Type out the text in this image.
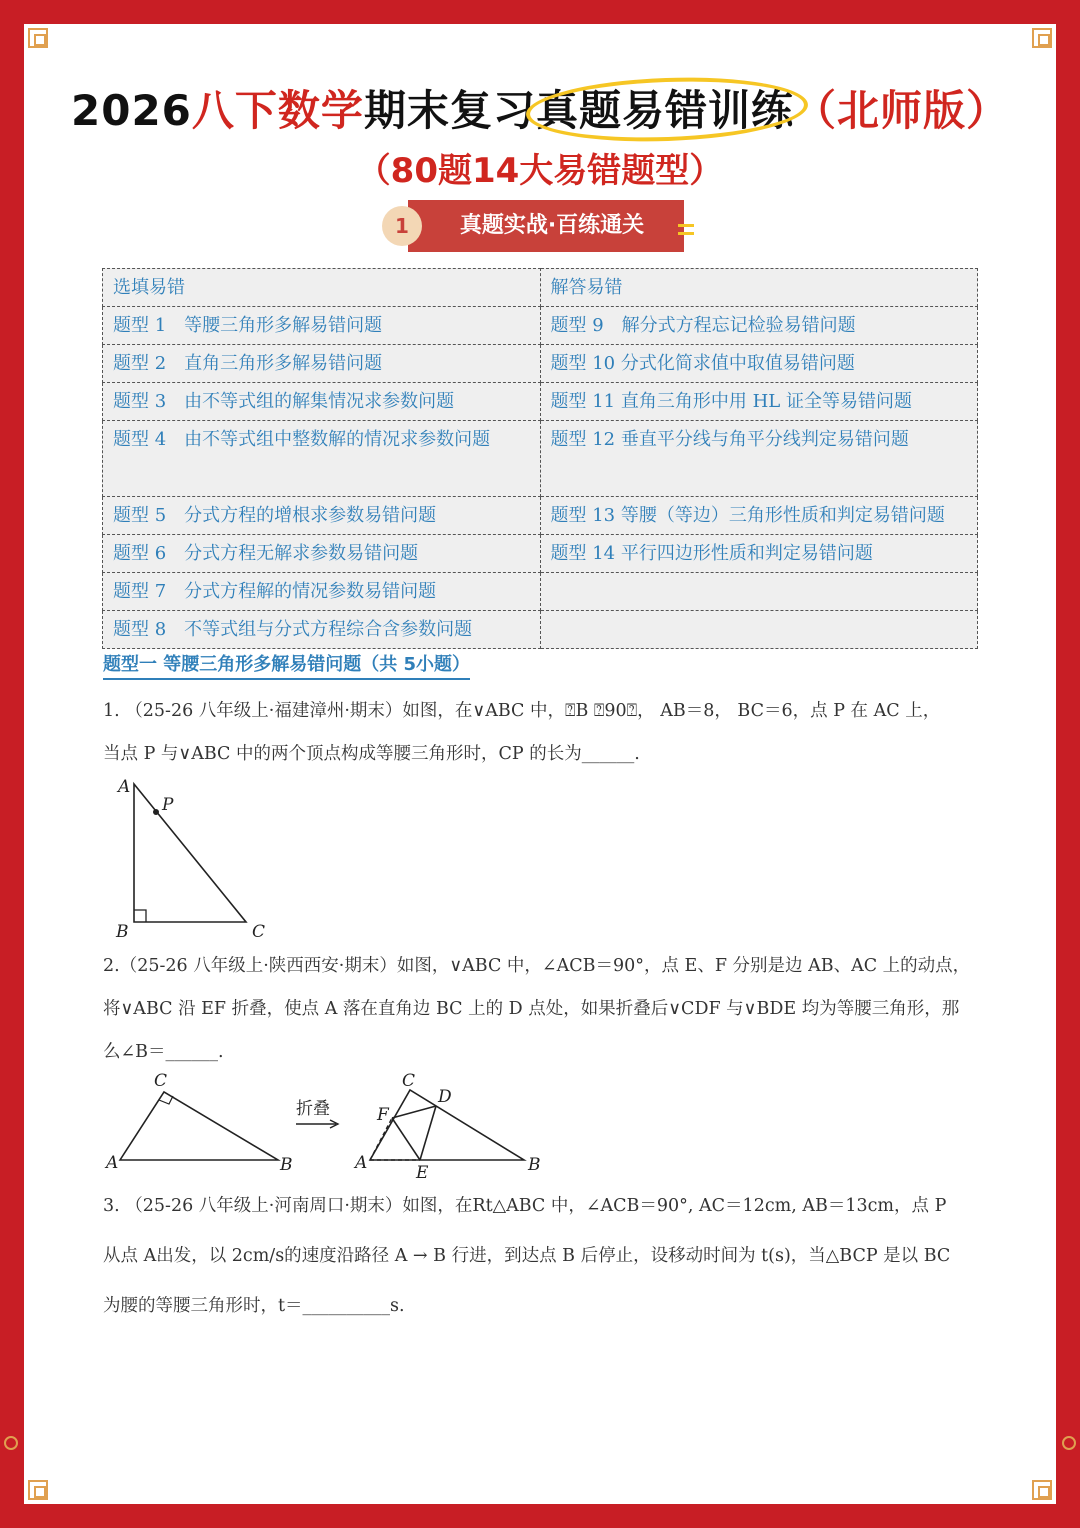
2026八下数学期末复习真题易错训练（北师版）
（80题14大易错题型）
真题实战·百练通关
1
选填易错	解答易错
题型 1　等腰三角形多解易错问题	题型 9　解分式方程忘记检验易错问题
题型 2　直角三角形多解易错问题	题型 10 分式化简求值中取值易错问题
题型 3　由不等式组的解集情况求参数问题	题型 11 直角三角形中用 HL 证全等易错问题
题型 4　由不等式组中整数解的情况求参数问题	题型 12 垂直平分线与角平分线判定易错问题
题型 5　分式方程的增根求参数易错问题	题型 13 等腰（等边）三角形性质和判定易错问题
题型 6　分式方程无解求参数易错问题	题型 14 平行四边形性质和判定易错问题
题型 7　分式方程解的情况参数易错问题	
题型 8　不等式组与分式方程综合含参数问题	
题型一 等腰三角形多解易错问题（共 5小题）
1. （25-26 八年级上·福建漳州·期末）如图，在∨ABC 中，⍰B ⍰90⍰， AB＝8， BC＝6，点 P 在 AC 上，
当点 P 与∨ABC 中的两个顶点构成等腰三角形时，CP 的长为______.
A
P
B	C
2.（25-26 八年级上·陕西西安·期末）如图，∨ABC 中，∠ACB＝90°，点 E、F 分别是边 AB、AC 上的动点，
将∨ABC 沿 EF 折叠，使点 A 落在直角边 BC 上的 D 点处，如果折叠后∨CDF 与∨BDE 均为等腰三角形，那
么∠B＝______.
A
C
B
折叠
C
D
F
A	E	B
3. （25-26 八年级上·河南周口·期末）如图，在Rt△ABC 中，∠ACB＝90°, AC＝12cm, AB＝13cm，点 P
从点 A出发，以 2cm/s的速度沿路径 A → B 行进，到达点 B 后停止，设移动时间为 t(s)，当△BCP 是以 BC
为腰的等腰三角形时，t＝__________s.
